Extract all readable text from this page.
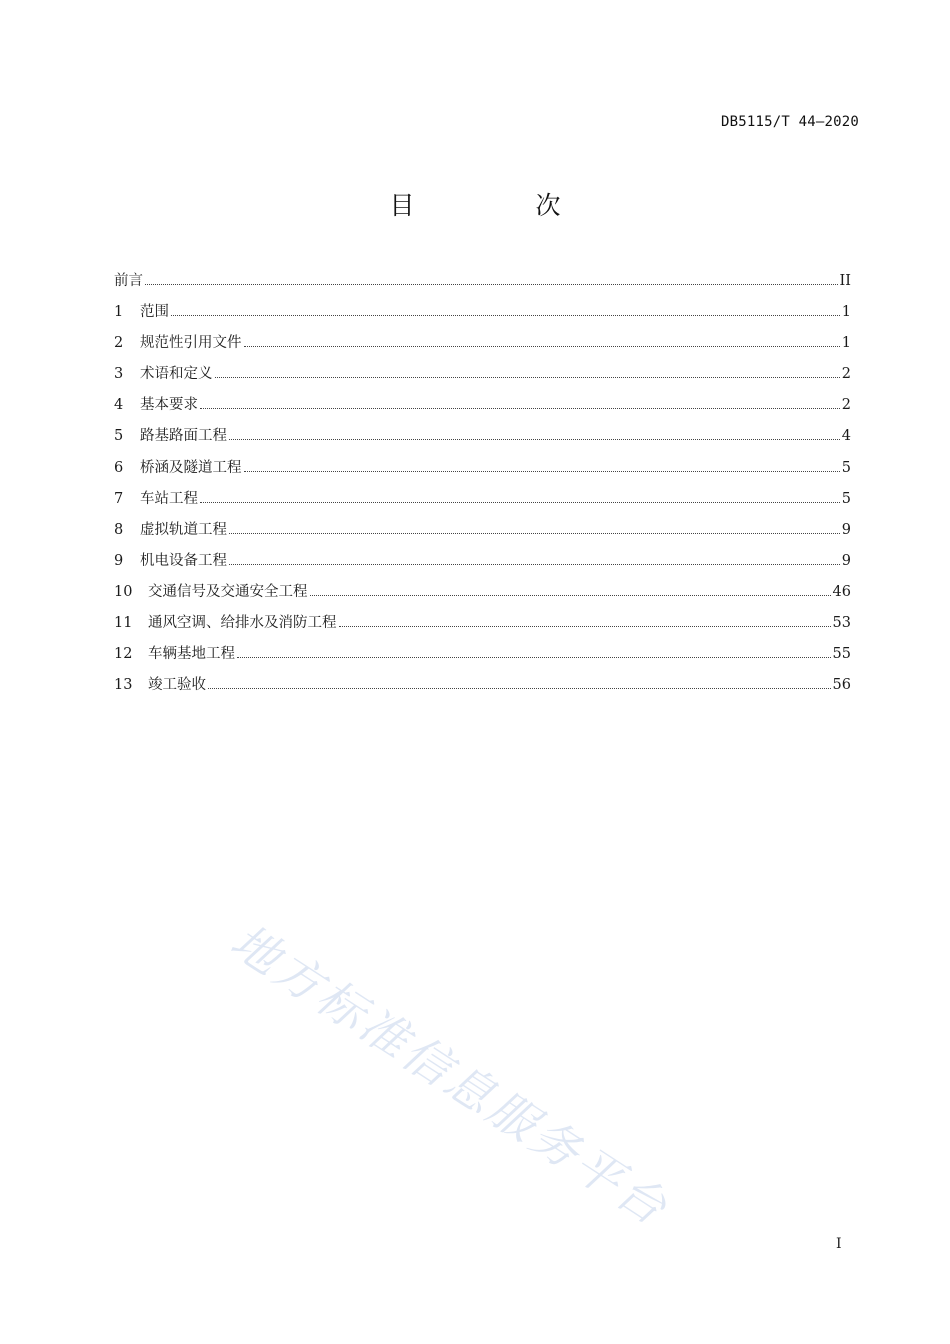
DB5115/T 44—2020
目　次
前言	II
1	范围	1
2	规范性引用文件	1
3	术语和定义	2
4	基本要求	2
5	路基路面工程	4
6	桥涵及隧道工程	5
7	车站工程	5
8	虚拟轨道工程	9
9	机电设备工程	9
10	交通信号及交通安全工程	46
11	通风空调、给排水及消防工程	53
12	车辆基地工程	55
13	竣工验收	56
地方标准信息服务平台
I
